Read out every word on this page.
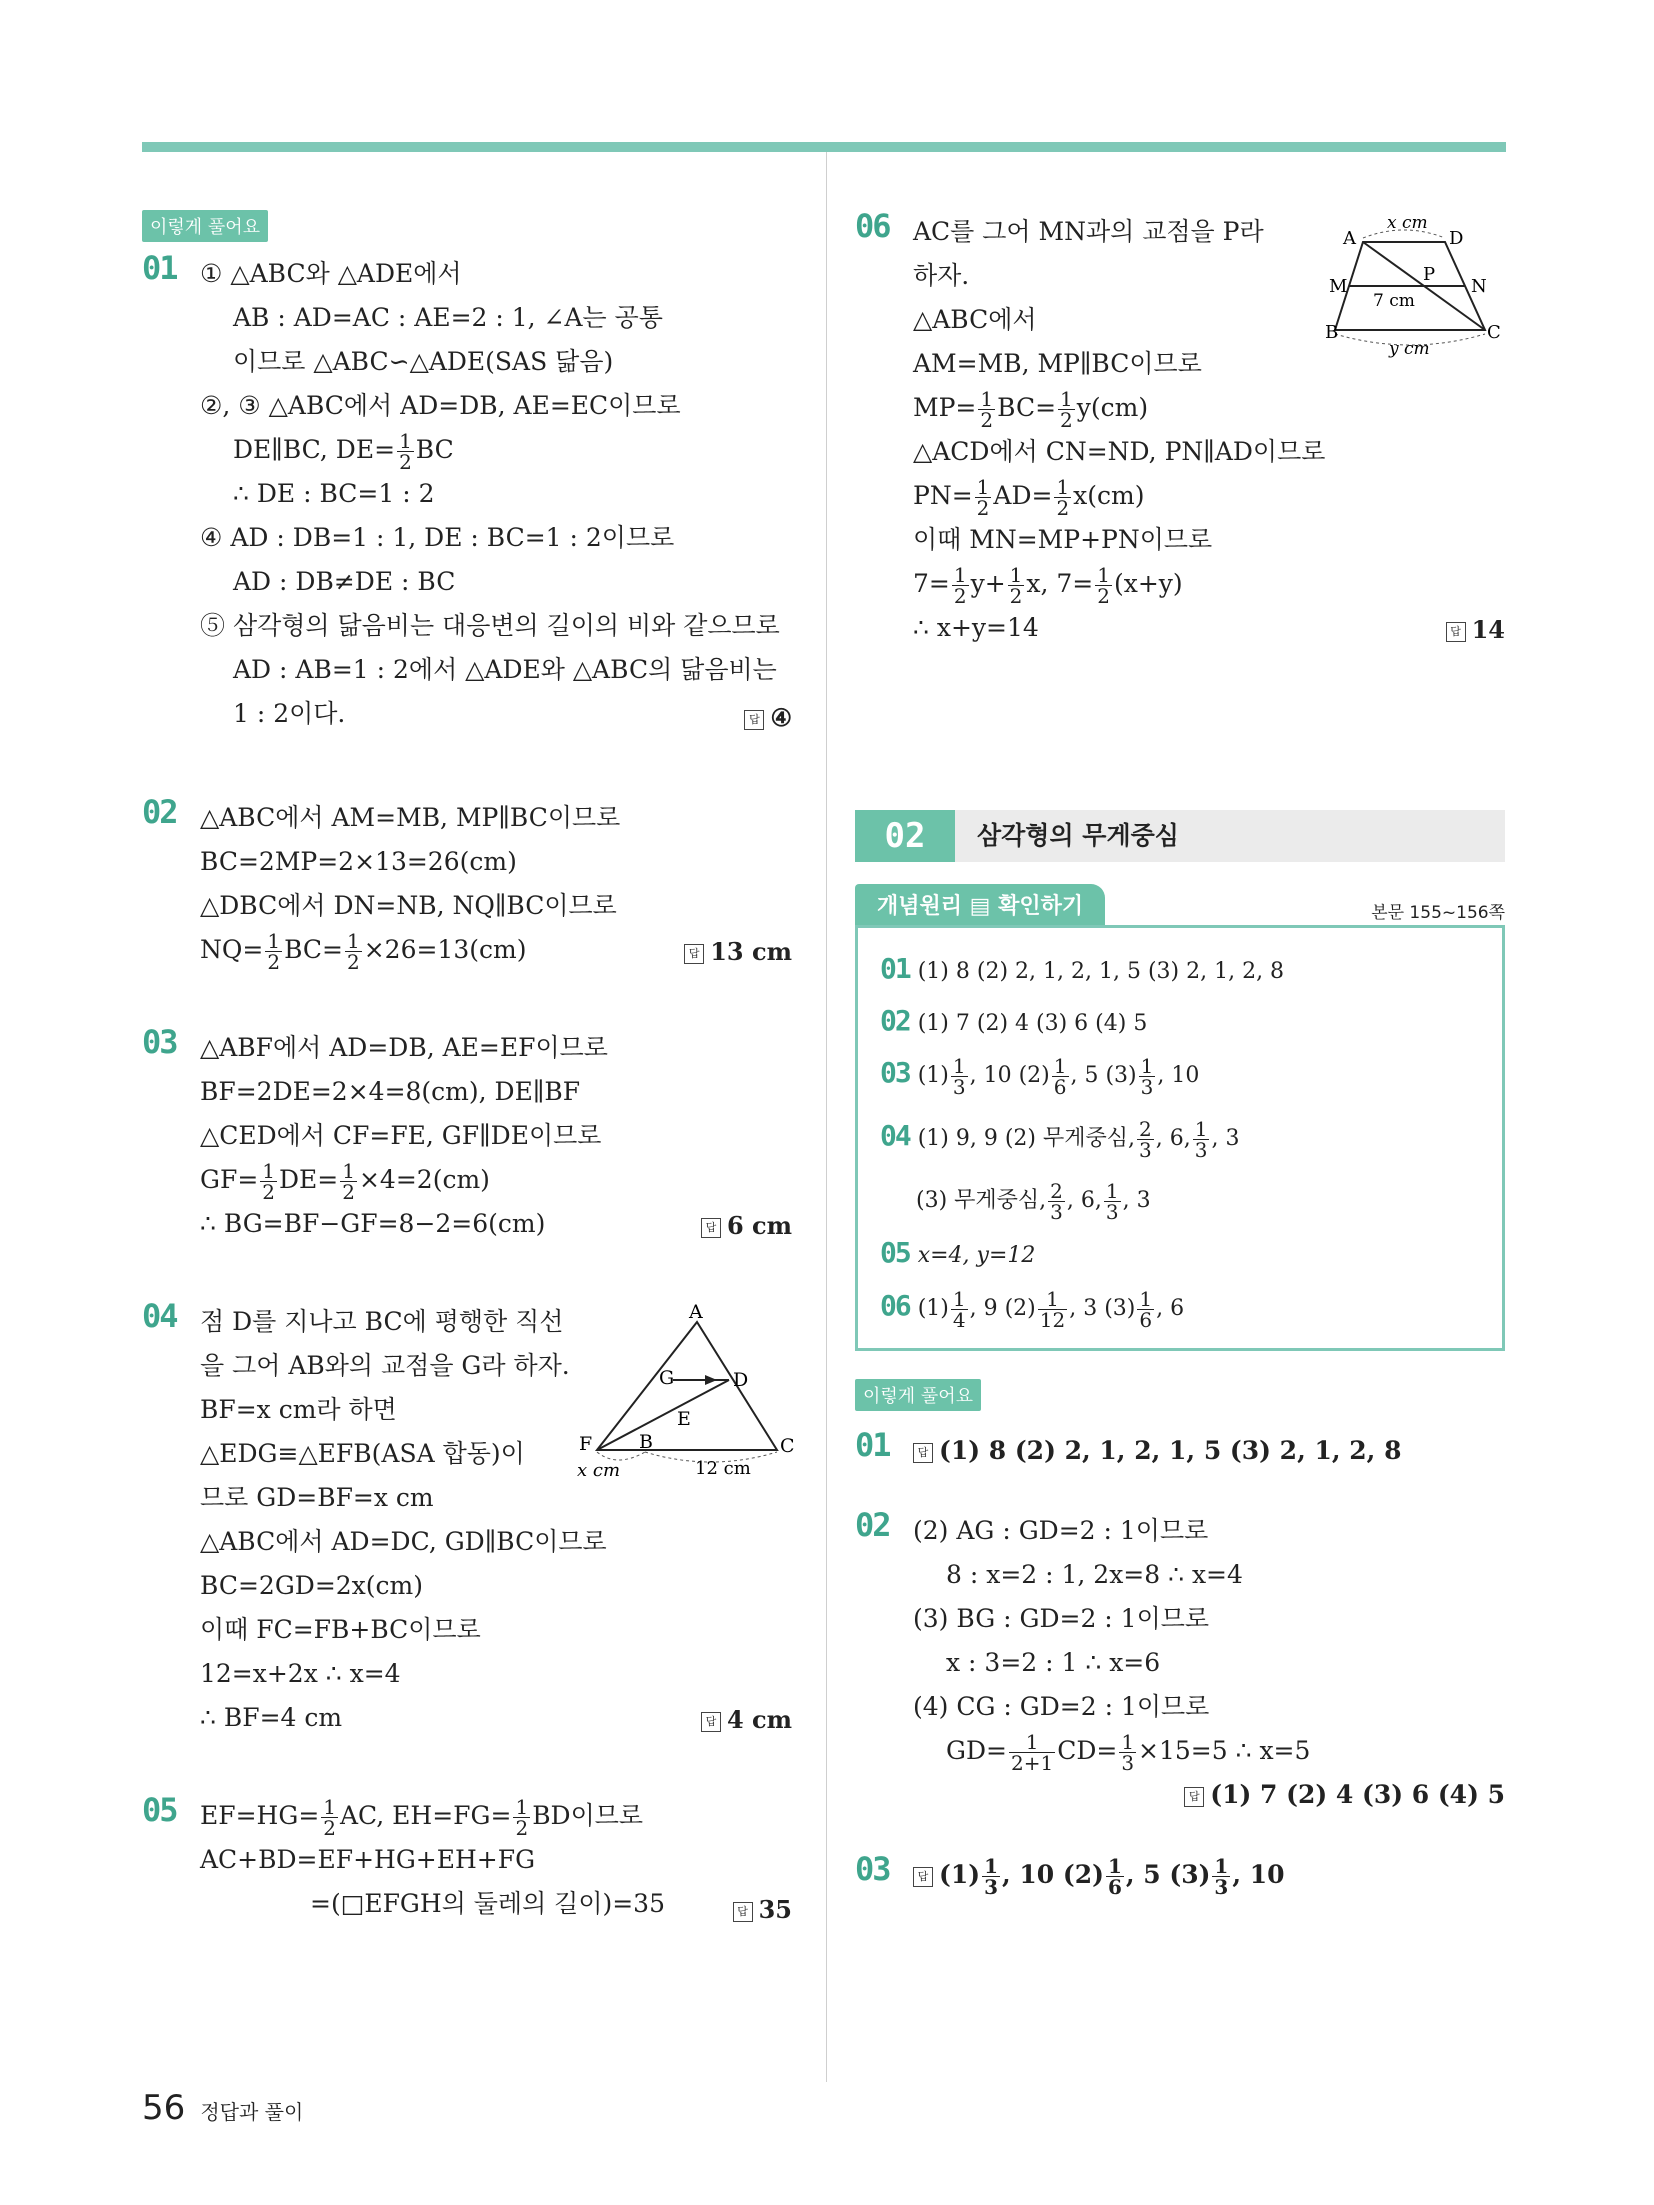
이렇게 풀어요
01 ① △ABC와 △ADE에서
AB : AD=AC : AE=2 : 1, ∠A는 공통
이므로 △ABC∽△ADE(SAS 닮음)
②, ③ △ABC에서 AD=DB, AE=EC이므로
DE∥BC, $DE= \frac{1}{2}$ BC
∴ DE : BC=1 : 2
④ AD : DB=1 : 1, DE : BC=1 : 2이므로
AD : DB≠DE : BC
⑤ 삼각형의 닮음비는 대응변의 길이의 비와 같으므로
AD : AB=1 : 2에서 △ADE와 △ABC의 닮음비는
1 : 2이다.	답 ④
02 △ABC에서 AM=MB, MP∥BC이므로
BC=2MP=2×13=26(cm)
△DBC에서 DN=NB, NQ∥BC이므로
$NQ= \frac{1}{2} BC= \frac{1}{2} \times 26=13(cm)$	답 13 cm
03 △ABF에서 AD=DB, AE=EF이므로
BF=2DE=2×4=8(cm), DE∥BF
△CED에서 CF=FE, GF∥DE이므로
$GF= \frac{1}{2} DE= \frac{1}{2} \times 4=2(cm)$
∴ BG=BF−GF=8−2=6(cm)	답 6 cm
04 점 D를 지나고 BC에 평행한 직선
을 그어 AB와의 교점을 G라 하자.
BF=x cm라 하면
△EDG≡△EFB(ASA 합동)이
므로 GD=BF=x cm
△ABC에서 AD=DC, GD∥BC이므로
BC=2GD=2x(cm)
이때 FC=FB+BC이므로
12=x+2x ∴ x=4
∴ BF=4 cm
A
G	D
E
F B	C
x cm	12 cm
답 4 cm
05 $EF=HG= \frac{1}{2}$ AC, $EH=FG= \frac{1}{2}$ BD이므로
AC+BD=EF+HG+EH+FG
=(□EFGH의 둘레의 길이)=35	답 35
06 AC를 그어 MN과의 교점을 P라
하자.
△ABC에서
AM=MB, MP∥BC이므로
$MP= \frac{1}{2} BC= \frac{1}{2} y(cm)$
△ACD에서 CN=ND, PN∥AD이므로
$PN= \frac{1}{2} AD= \frac{1}{2} x(cm)$
이때 MN=MP+PN이므로
$7= \frac{1}{2} y+ \frac{1}{2} x$, $7= \frac{1}{2} (x+y)$
∴ x+y=14
A	D
M	N
P
B	C
x cm
7 cm
y cm
답 14
02	삼각형의 무게중심
개념원리 ▤ 확인하기	본문 155~156쪽
01 (1) 8 (2) 2, 1, 2, 1, 5 (3) 2, 1, 2, 8
02 (1) 7 (2) 4 (3) 6 (4) 5
03 $(1) \frac{1}{3}$ , 10 $(2) \frac{1}{6}$ , 5 $(3) \frac{1}{3}$ , 10
04 (1) 9, 9 (2) 무게중심, $\frac{2}{3}$ , 6, $\frac{1}{3}$ , 3
(3) 무게중심, $\frac{2}{3}$ , 6, $\frac{1}{3}$ , 3
05 x=4, y=12
06 $(1) \frac{1}{4}$ , 9 $(2) \frac{1}{12}$ , 3 $(3) \frac{1}{6}$ , 6
이렇게 풀어요
01	답 (1) 8 (2) 2, 1, 2, 1, 5 (3) 2, 1, 2, 8
02 (2) AG : GD=2 : 1이므로
8 : x=2 : 1, 2x=8 ∴ x=4
(3) BG : GD=2 : 1이므로
x : 3=2 : 1 ∴ x=6
(4) CG : GD=2 : 1이므로
$GD= \frac{1}{2+1} CD= \frac{1}{3} \times 15=5$ ∴ x=5
답 (1) 7 (2) 4 (3) 6 (4) 5
03	답 $(1) \frac{1}{3}$ , 10 $(2) \frac{1}{6}$ , 5 $(3) \frac{1}{3}$ , 10
56 정답과 풀이
